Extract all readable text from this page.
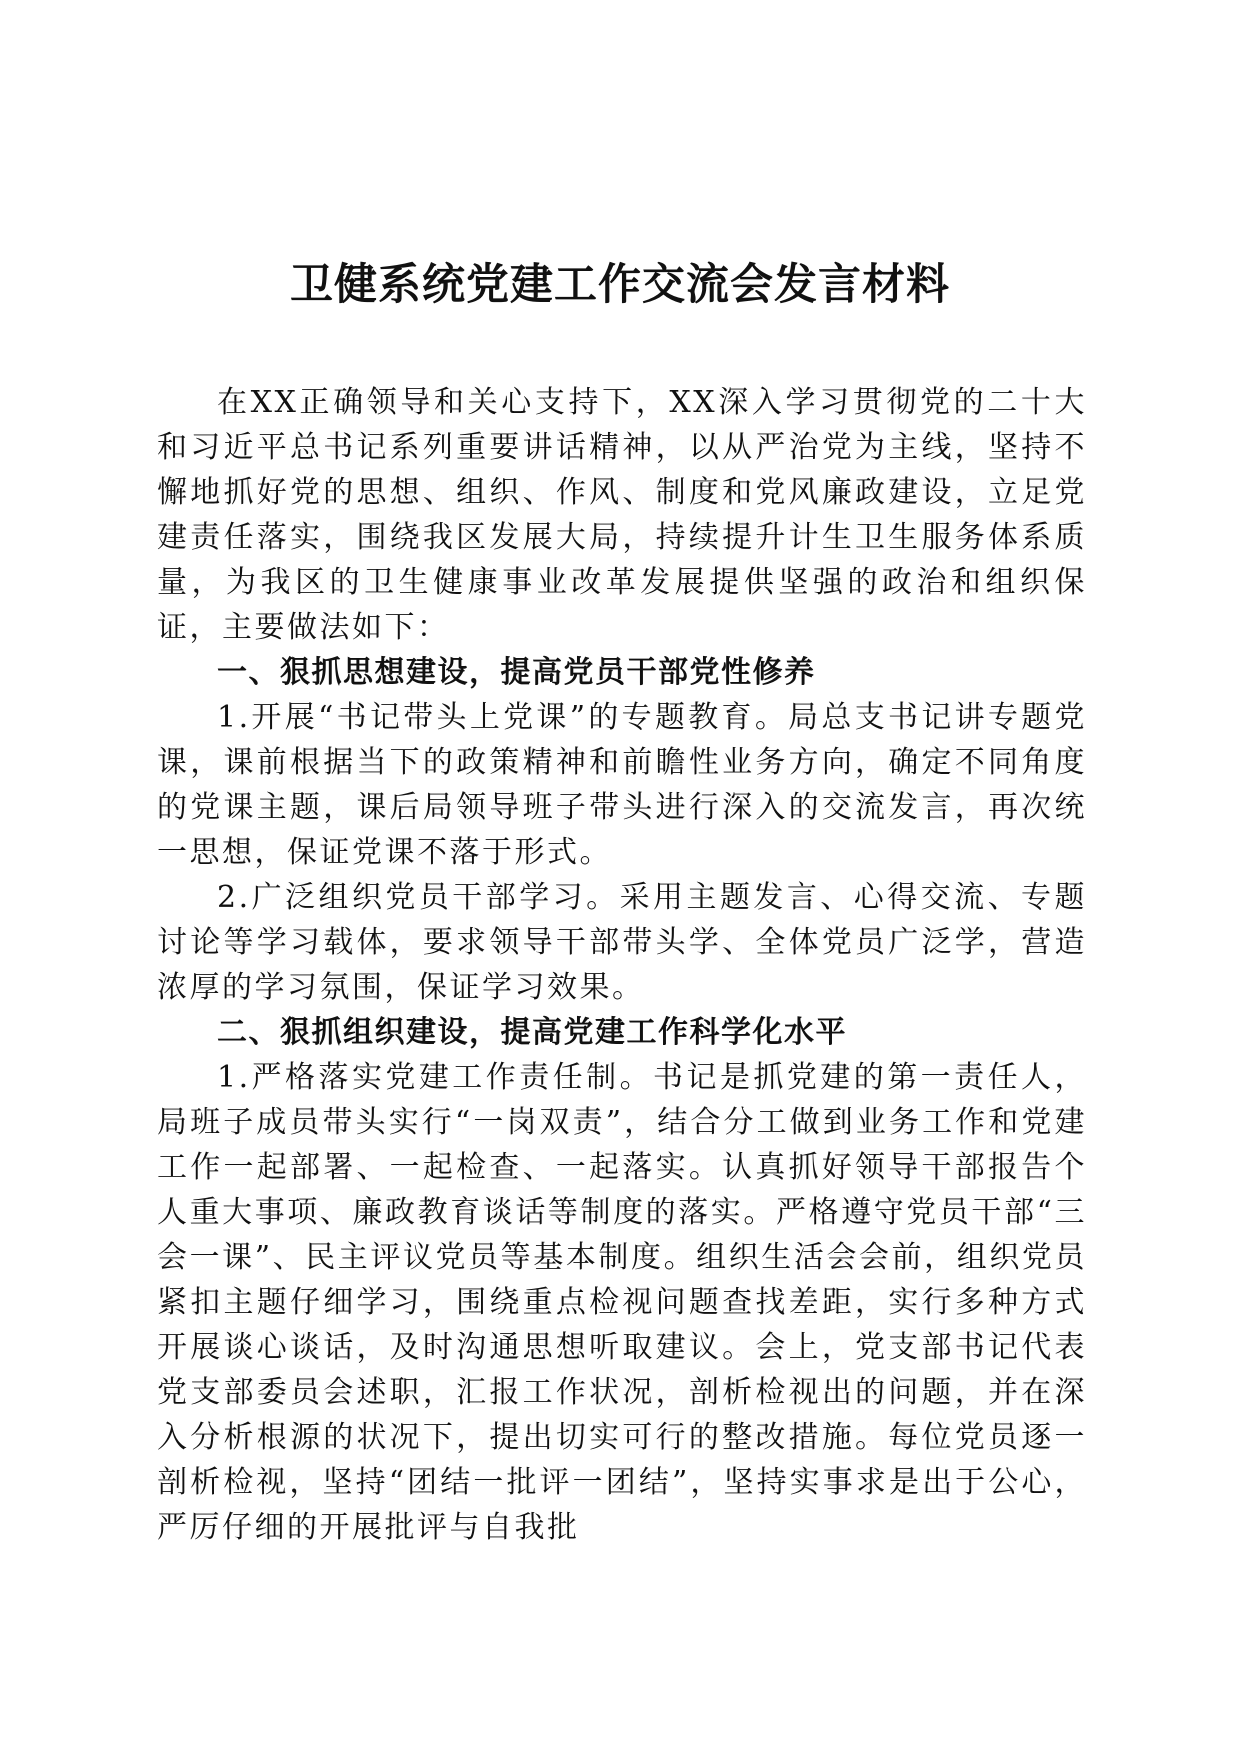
卫健系统党建工作交流会发言材料

在XX正确领导和关心支持下，XX深入学习贯彻党的二十大和习近平总书记系列重要讲话精神，以从严治党为主线，坚持不懈地抓好党的思想、组织、作风、制度和党风廉政建设，立足党建责任落实，围绕我区发展大局，持续提升计生卫生服务体系质量，为我区的卫生健康事业改革发展提供坚强的政治和组织保证，主要做法如下：

一、狠抓思想建设，提高党员干部党性修养

1.开展“书记带头上党课”的专题教育。局总支书记讲专题党课，课前根据当下的政策精神和前瞻性业务方向，确定不同角度的党课主题，课后局领导班子带头进行深入的交流发言，再次统一思想，保证党课不落于形式。

2.广泛组织党员干部学习。采用主题发言、心得交流、专题讨论等学习载体，要求领导干部带头学、全体党员广泛学，营造浓厚的学习氛围，保证学习效果。

二、狠抓组织建设，提高党建工作科学化水平

1.严格落实党建工作责任制。书记是抓党建的第一责任人，局班子成员带头实行“一岗双责”，结合分工做到业务工作和党建工作一起部署、一起检查、一起落实。认真抓好领导干部报告个人重大事项、廉政教育谈话等制度的落实。严格遵守党员干部“三会一课”、民主评议党员等基本制度。组织生活会会前，组织党员紧扣主题仔细学习，围绕重点检视问题查找差距，实行多种方式开展谈心谈话，及时沟通思想听取建议。会上，党支部书记代表党支部委员会述职，汇报工作状况，剖析检视出的问题，并在深入分析根源的状况下，提出切实可行的整改措施。每位党员逐一剖析检视，坚持“团结一批评一团结”，坚持实事求是出于公心，严厉仔细的开展批评与自我批
